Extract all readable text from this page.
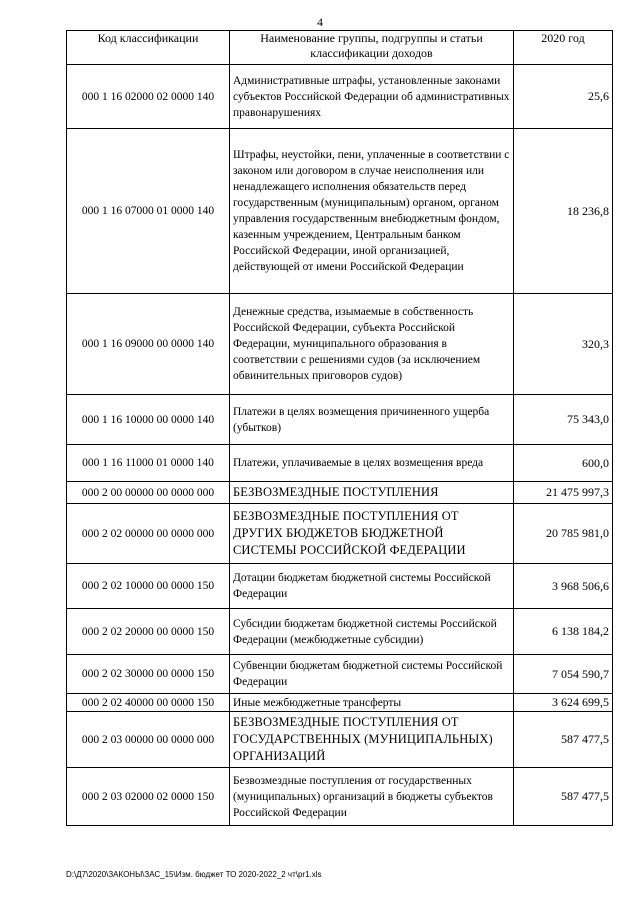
4
Код классификации	Наименование группы, подгруппы и статьи классификации доходов	2020 год
000 1 16 02000 02 0000 140	Административные штрафы, установленные законами субъектов Российской Федерации об административных правонарушениях	25,6
000 1 16 07000 01 0000 140	Штрафы, неустойки, пени, уплаченные в соответствии с законом или договором в случае неисполнения или ненадлежащего исполнения обязательств перед государственным (муниципальным) органом, органом управления государственным внебюджетным фондом, казенным учреждением, Центральным банком Российской Федерации, иной организацией, действующей от имени Российской Федерации	18 236,8
000 1 16 09000 00 0000 140	Денежные средства, изымаемые в собственность Российской Федерации, субъекта Российской Федерации, муниципального образования в соответствии с решениями судов (за исключением обвинительных приговоров судов)	320,3
000 1 16 10000 00 0000 140	Платежи в целях возмещения причиненного ущерба (убытков)	75 343,0
000 1 16 11000 01 0000 140	Платежи, уплачиваемые в целях возмещения вреда	600,0
000 2 00 00000 00 0000 000	БЕЗВОЗМЕЗДНЫЕ ПОСТУПЛЕНИЯ	21 475 997,3
000 2 02 00000 00 0000 000	БЕЗВОЗМЕЗДНЫЕ ПОСТУПЛЕНИЯ ОТ ДРУГИХ БЮДЖЕТОВ БЮДЖЕТНОЙ СИСТЕМЫ РОССИЙСКОЙ ФЕДЕРАЦИИ	20 785 981,0
000 2 02 10000 00 0000 150	Дотации бюджетам бюджетной системы Российской Федерации	3 968 506,6
000 2 02 20000 00 0000 150	Субсидии бюджетам бюджетной системы Российской Федерации (межбюджетные субсидии)	6 138 184,2
000 2 02 30000 00 0000 150	Субвенции бюджетам бюджетной системы Российской Федерации	7 054 590,7
000 2 02 40000 00 0000 150	Иные межбюджетные трансферты	3 624 699,5
000 2 03 00000 00 0000 000	БЕЗВОЗМЕЗДНЫЕ ПОСТУПЛЕНИЯ ОТ ГОСУДАРСТВЕННЫХ (МУНИЦИПАЛЬНЫХ) ОРГАНИЗАЦИЙ	587 477,5
000 2 03 02000 02 0000 150	Безвозмездные поступления от государственных (муниципальных) организаций в бюджеты субъектов Российской Федерации	587 477,5
D:\Д7\2020\ЗАКОНЫ\ЗАС_15\Изм. бюджет ТО 2020-2022_2 чт\pr1.xls
